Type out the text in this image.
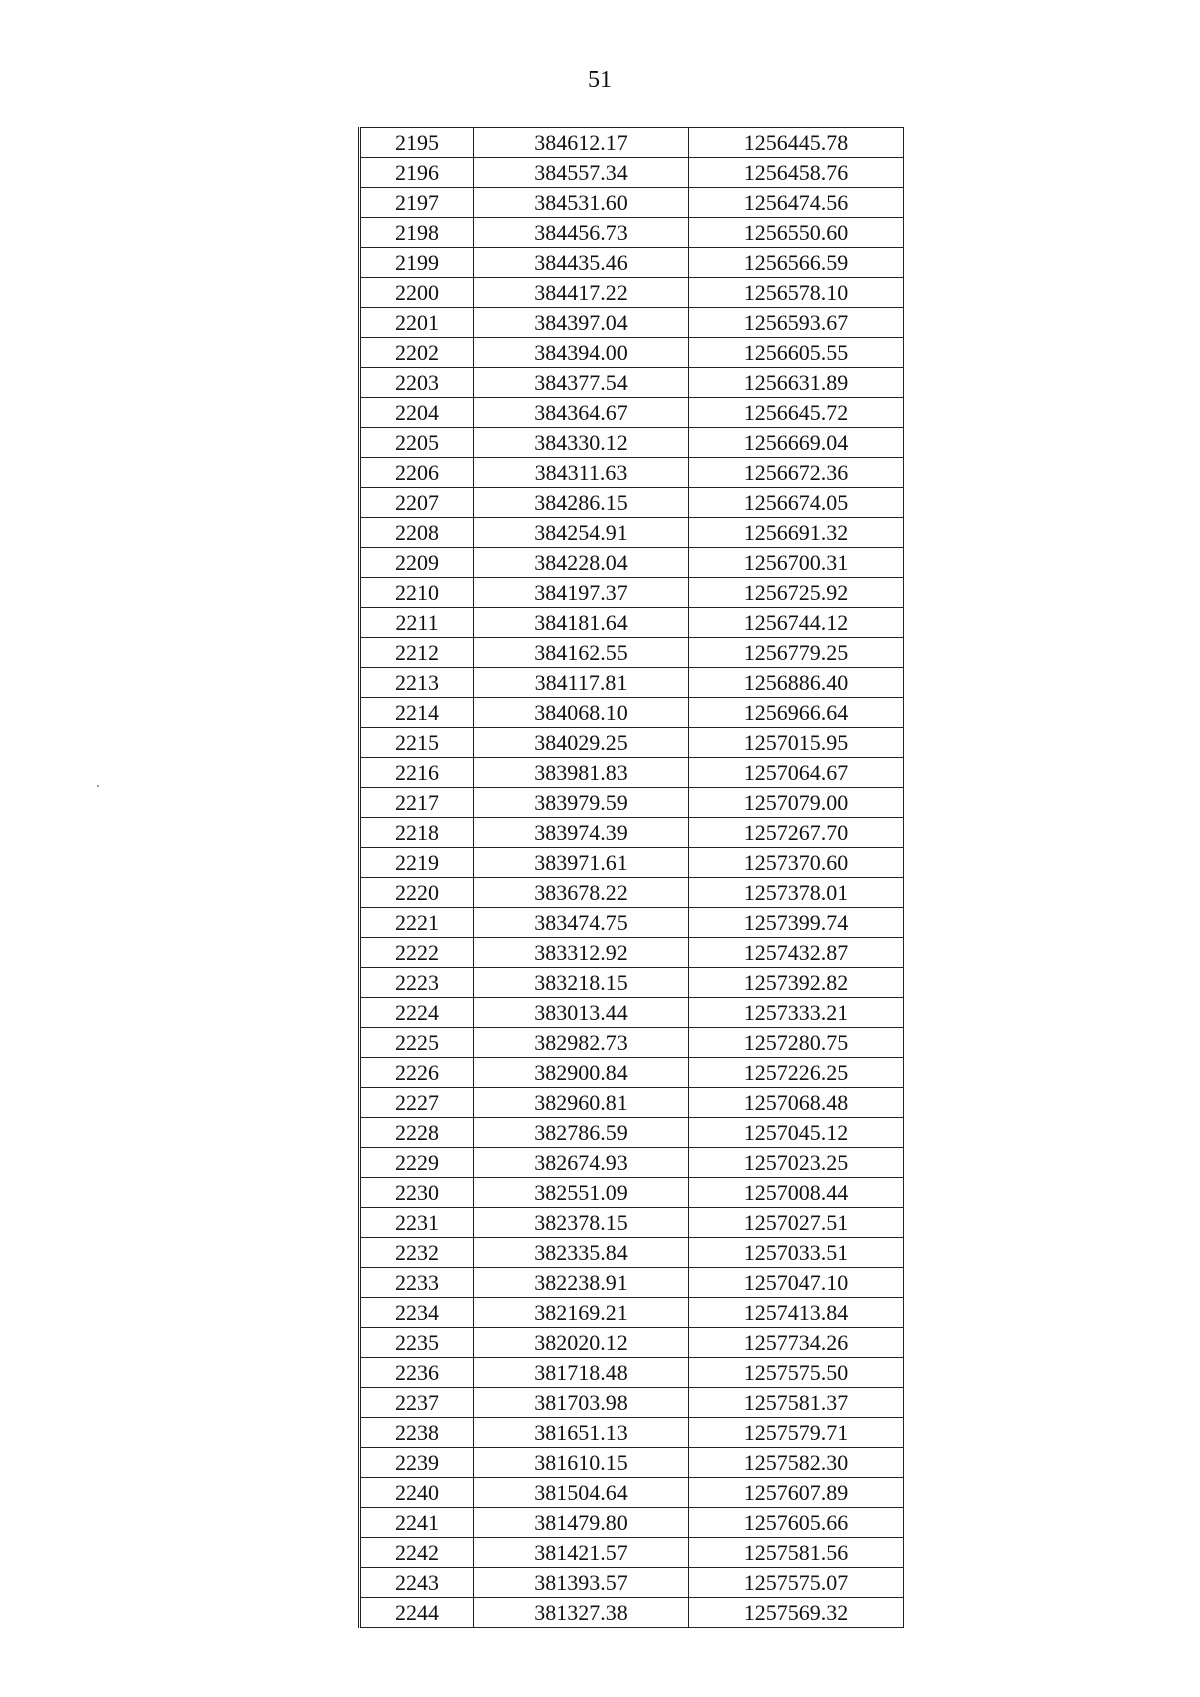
51
2195	384612.17	1256445.78
2196	384557.34	1256458.76
2197	384531.60	1256474.56
2198	384456.73	1256550.60
2199	384435.46	1256566.59
2200	384417.22	1256578.10
2201	384397.04	1256593.67
2202	384394.00	1256605.55
2203	384377.54	1256631.89
2204	384364.67	1256645.72
2205	384330.12	1256669.04
2206	384311.63	1256672.36
2207	384286.15	1256674.05
2208	384254.91	1256691.32
2209	384228.04	1256700.31
2210	384197.37	1256725.92
2211	384181.64	1256744.12
2212	384162.55	1256779.25
2213	384117.81	1256886.40
2214	384068.10	1256966.64
2215	384029.25	1257015.95
2216	383981.83	1257064.67
2217	383979.59	1257079.00
2218	383974.39	1257267.70
2219	383971.61	1257370.60
2220	383678.22	1257378.01
2221	383474.75	1257399.74
2222	383312.92	1257432.87
2223	383218.15	1257392.82
2224	383013.44	1257333.21
2225	382982.73	1257280.75
2226	382900.84	1257226.25
2227	382960.81	1257068.48
2228	382786.59	1257045.12
2229	382674.93	1257023.25
2230	382551.09	1257008.44
2231	382378.15	1257027.51
2232	382335.84	1257033.51
2233	382238.91	1257047.10
2234	382169.21	1257413.84
2235	382020.12	1257734.26
2236	381718.48	1257575.50
2237	381703.98	1257581.37
2238	381651.13	1257579.71
2239	381610.15	1257582.30
2240	381504.64	1257607.89
2241	381479.80	1257605.66
2242	381421.57	1257581.56
2243	381393.57	1257575.07
2244	381327.38	1257569.32
